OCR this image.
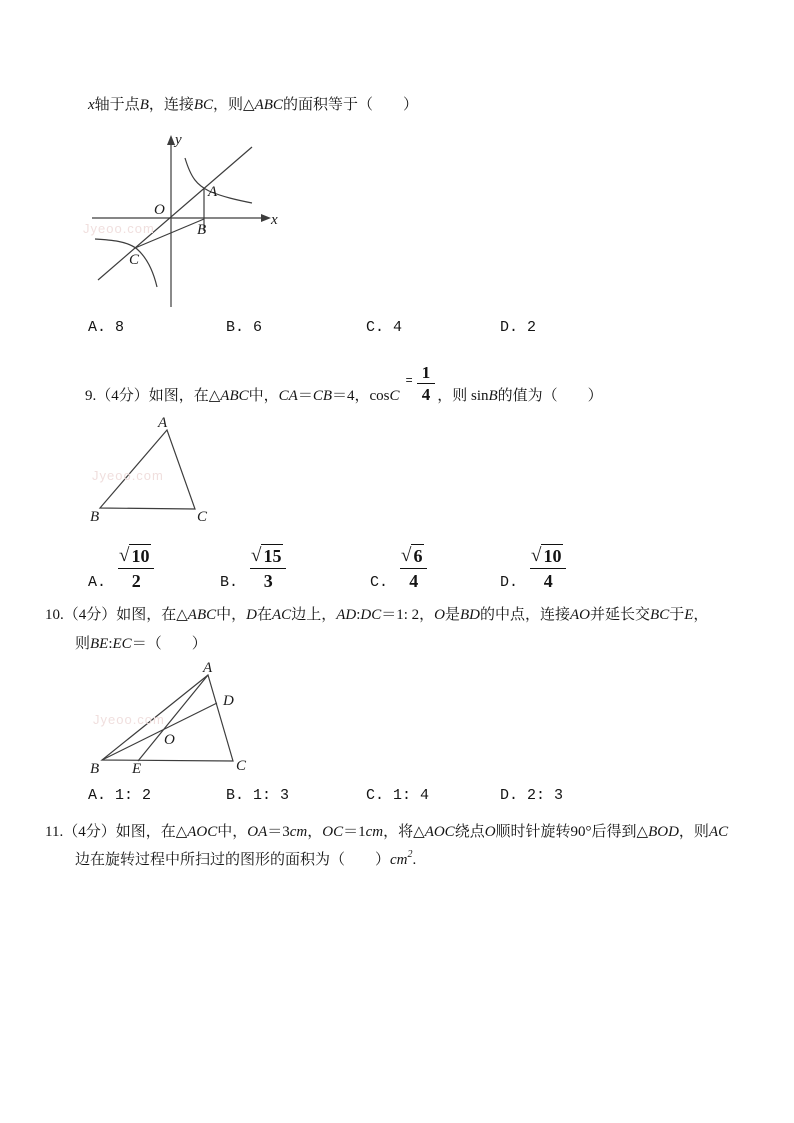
x 轴于点 B ，连接 BC ，则△ ABC 的面积等于（　　）
y
x
O
A
B
C
Jyeoo.com
A. 8	B. 6	C. 4	D. 2
9.（4分）如图，在△ ABC 中， CA ＝ CB ＝4，cos C
= $\frac{1}{4}$ ，则 sin B 的值为（　　）
A
B	C
Jyeoo.com
A.
√ 10
2	B.
√ 15
3	C.
√ 6
4	D.
√ 10
4
10.（4分）如图，在△ ABC 中， D 在 AC 边上， AD : DC ＝1: 2， O 是 BD 的中点，连接 AO 并延长交 BC 于 E ，
则 BE : EC ＝（　　）
A
D
O
B E	C
Jyeoo.com
A. 1: 2	B. 1: 3	C. 1: 4	D. 2: 3
11.（4分）如图，在△ AOC 中， OA ＝3 cm ， OC ＝1 cm ，将△ AOC 绕点 O 顺时针旋转90°后得到△ BOD ，则 AC
边在旋转过程中所扫过的图形的面积为（　　） cm 2 .
